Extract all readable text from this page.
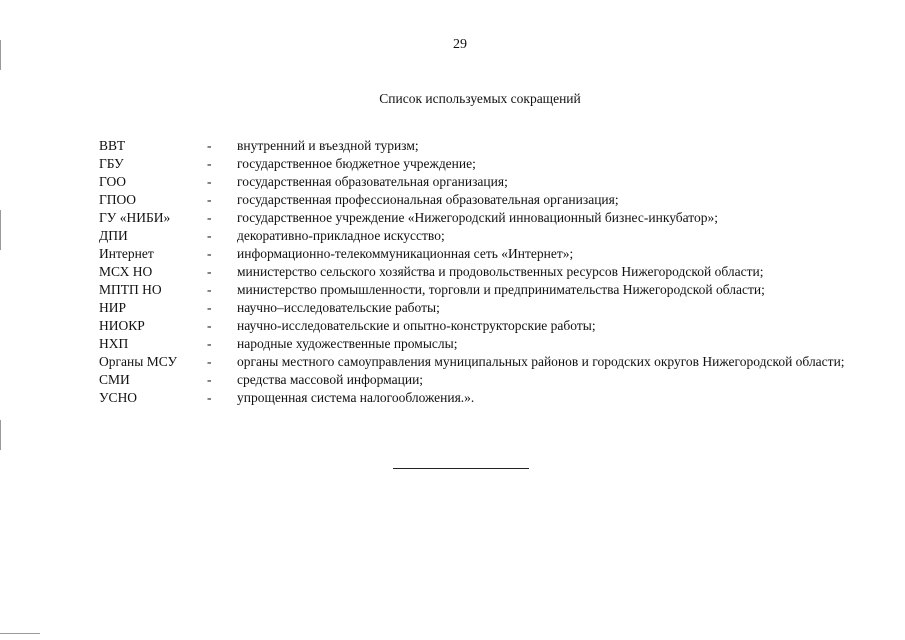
29
Список используемых сокращений
ВВТ	-	внутренний и въездной туризм;
ГБУ	-	государственное бюджетное учреждение;
ГОО	-	государственная образовательная организация;
ГПОО	-	государственная профессиональная образовательная организация;
ГУ «НИБИ»	-	государственное учреждение «Нижегородский инновационный бизнес-инкубатор»;
ДПИ	-	декоративно-прикладное искусство;
Интернет	-	информационно-телекоммуникационная сеть «Интернет»;
МСХ НО	-	министерство сельского хозяйства и продовольственных ресурсов Нижегородской области;
МПТП НО	-	министерство промышленности, торговли и предпринимательства Нижегородской области;
НИР	-	научно–исследовательские работы;
НИОКР	-	научно-исследовательские и опытно-конструкторские работы;
НХП	-	народные художественные промыслы;
Органы МСУ	-	органы местного самоуправления муниципальных районов и городских округов Нижегородской области;
СМИ	-	средства массовой информации;
УСНО	-	упрощенная система налогообложения.».
